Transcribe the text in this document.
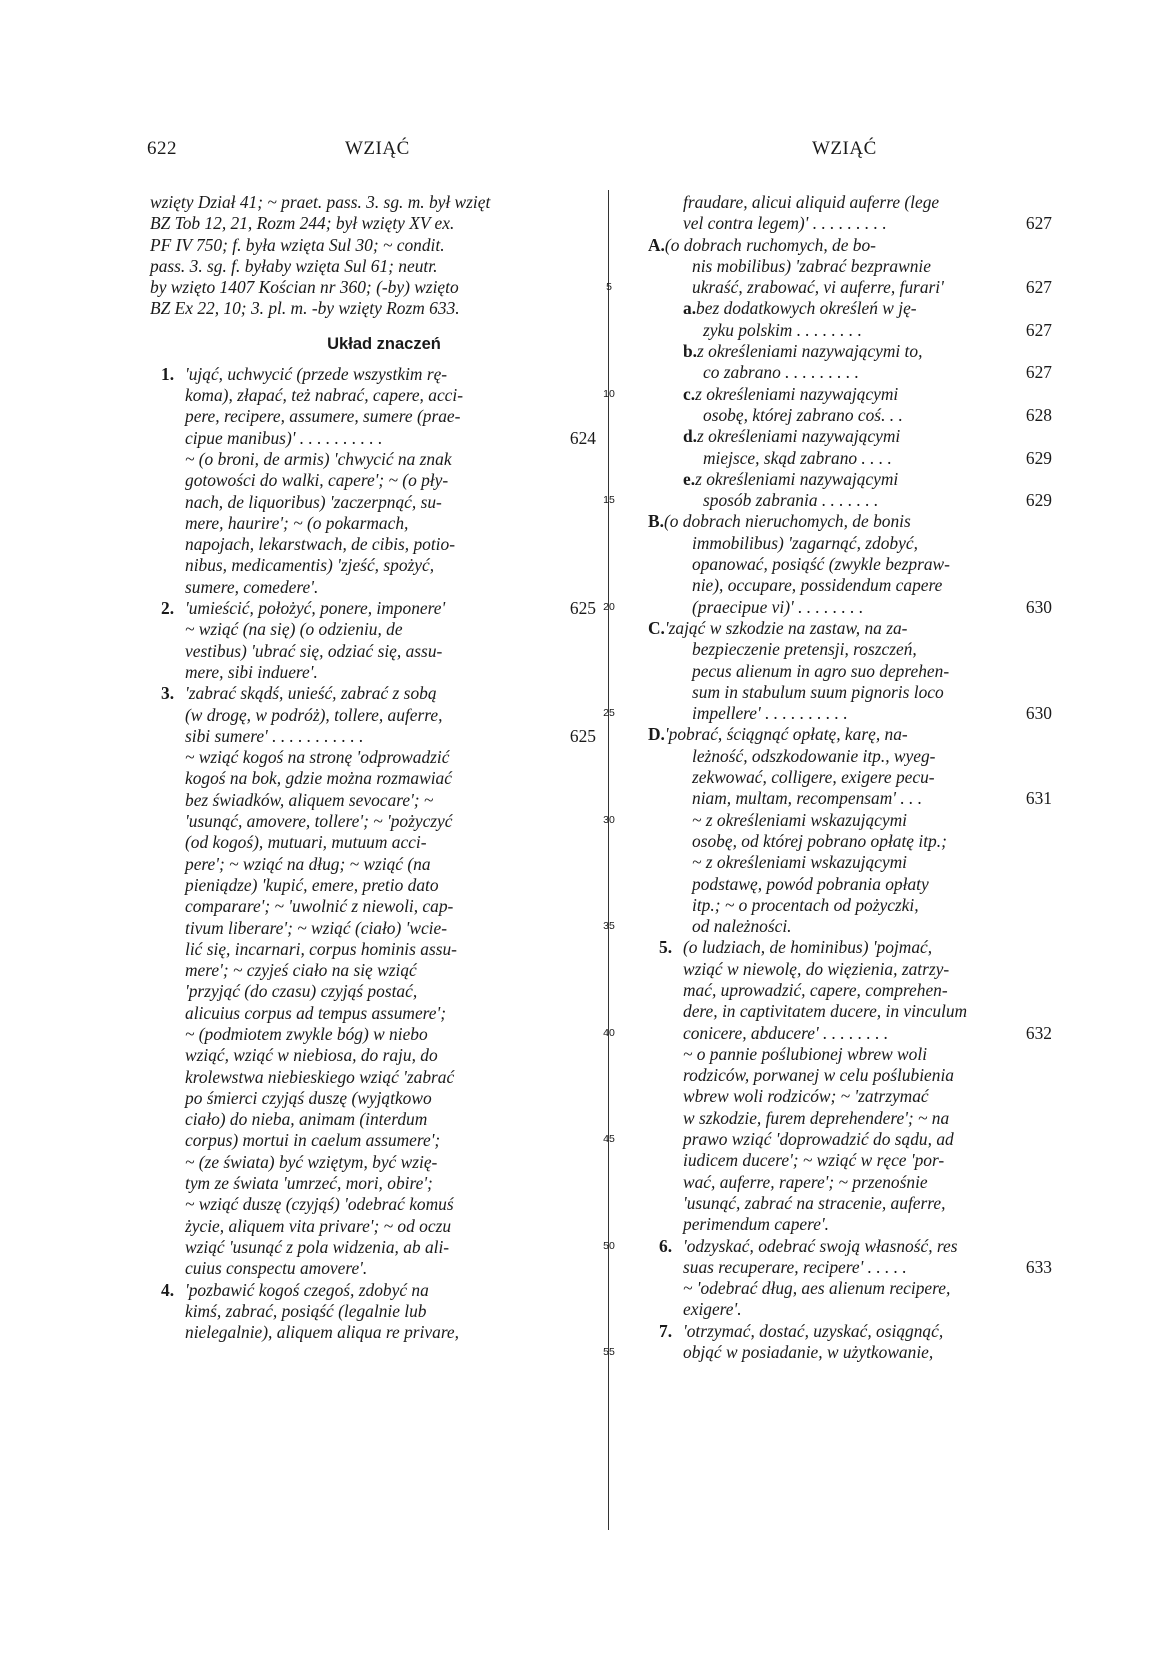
622	WZIĄĆ	WZIĄĆ
wzięty Dział 41; ~ praet. pass. 3. sg. m. był wzięt
BZ Tob 12, 21, Rozm 244; był wzięty XV ex.
PF IV 750; f. była wzięta Sul 30; ~ condit.
pass. 3. sg. f. byłaby wzięta Sul 61; neutr.
by wzięto 1407 Kościan nr 360; (-by) wzięto
BZ Ex 22, 10; 3. pl. m. -by wzięty Rozm 633.
Układ znaczeń
1. 'ująć, uchwycić (przede wszystkim rę-
koma), złapać, też nabrać, capere, acci-
pere, recipere, assumere, sumere (prae-
cipue manibus)' . . . . . . . . . .	624
~ (o broni, de armis) 'chwycić na znak
gotowości do walki, capere'; ~ (o pły-
nach, de liquoribus) 'zaczerpnąć, su-
mere, haurire'; ~ (o pokarmach,
napojach, lekarstwach, de cibis, potio-
nibus, medicamentis) 'zjeść, spożyć,
sumere, comedere'.
2. 'umieścić, położyć, ponere, imponere'	625
~ wziąć (na się) (o odzieniu, de
vestibus) 'ubrać się, odziać się, assu-
mere, sibi induere'.
3. 'zabrać skądś, unieść, zabrać z sobą
(w drogę, w podróż), tollere, auferre,
sibi sumere' . . . . . . . . . . .	625
~ wziąć kogoś na stronę 'odprowadzić
kogoś na bok, gdzie można rozmawiać
bez świadków, aliquem sevocare'; ~
'usunąć, amovere, tollere'; ~ 'pożyczyć
(od kogoś), mutuari, mutuum acci-
pere'; ~ wziąć na dług; ~ wziąć (na
pieniądze) 'kupić, emere, pretio dato
comparare'; ~ 'uwolnić z niewoli, cap-
tivum liberare'; ~ wziąć (ciało) 'wcie-
lić się, incarnari, corpus hominis assu-
mere'; ~ czyjeś ciało na się wziąć
'przyjąć (do czasu) czyjąś postać,
alicuius corpus ad tempus assumere';
~ (podmiotem zwykle bóg) w niebo
wziąć, wziąć w niebiosa, do raju, do
krolewstwa niebieskiego wziąć 'zabrać
po śmierci czyjąś duszę (wyjątkowo
ciało) do nieba, animam (interdum
corpus) mortui in caelum assumere';
~ (ze świata) być wziętym, być wzię-
tym ze świata 'umrzeć, mori, obire';
~ wziąć duszę (czyjąś) 'odebrać komuś
życie, aliquem vita privare'; ~ od oczu
wziąć 'usunąć z pola widzenia, ab ali-
cuius conspectu amovere'.
4. 'pozbawić kogoś czegoś, zdobyć na
kimś, zabrać, posiąść (legalnie lub
nielegalnie), aliquem aliqua re privare,
5
10
15
20
25
30
35
40
45
50
55
fraudare, alicui aliquid auferre (lege
vel contra legem)' . . . . . . . . .	627
A.(o dobrach ruchomych, de bo-
nis mobilibus) 'zabrać bezprawnie
ukraść, zrabować, vi auferre, furari'	627
a.bez dodatkowych określeń w ję-
zyku polskim . . . . . . . .	627
b.z określeniami nazywającymi to,
co zabrano . . . . . . . . .	627
c.z określeniami nazywającymi
osobę, której zabrano coś. . .	628
d.z określeniami nazywającymi
miejsce, skąd zabrano . . . .	629
e.z określeniami nazywającymi
sposób zabrania . . . . . . .	629
B.(o dobrach nieruchomych, de bonis
immobilibus) 'zagarnąć, zdobyć,
opanować, posiąść (zwykle bezpraw-
nie), occupare, possidendum capere
(praecipue vi)' . . . . . . . .	630
C.'zająć w szkodzie na zastaw, na za-
bezpieczenie pretensji, roszczeń,
pecus alienum in agro suo deprehen-
sum in stabulum suum pignoris loco
impellere' . . . . . . . . . .	630
D.'pobrać, ściągnąć opłatę, karę, na-
leżność, odszkodowanie itp., wyeg-
zekwować, colligere, exigere pecu-
niam, multam, recompensam' . . .	631
~ z określeniami wskazującymi
osobę, od której pobrano opłatę itp.;
~ z określeniami wskazującymi
podstawę, powód pobrania opłaty
itp.; ~ o procentach od pożyczki,
od należności.
5. (o ludziach, de hominibus) 'pojmać,
wziąć w niewolę, do więzienia, zatrzy-
mać, uprowadzić, capere, comprehen-
dere, in captivitatem ducere, in vinculum
conicere, abducere' . . . . . . . .	632
~ o pannie poślubionej wbrew woli
rodziców, porwanej w celu poślubienia
wbrew woli rodziców; ~ 'zatrzymać
w szkodzie, furem deprehendere'; ~ na
prawo wziąć 'doprowadzić do sądu, ad
iudicem ducere'; ~ wziąć w ręce 'por-
wać, auferre, rapere'; ~ przenośnie
'usunąć, zabrać na stracenie, auferre,
perimendum capere'.
6. 'odzyskać, odebrać swoją własność, res
suas recuperare, recipere' . . . . .	633
~ 'odebrać dług, aes alienum recipere,
exigere'.
7. 'otrzymać, dostać, uzyskać, osiągnąć,
objąć w posiadanie, w użytkowanie,
